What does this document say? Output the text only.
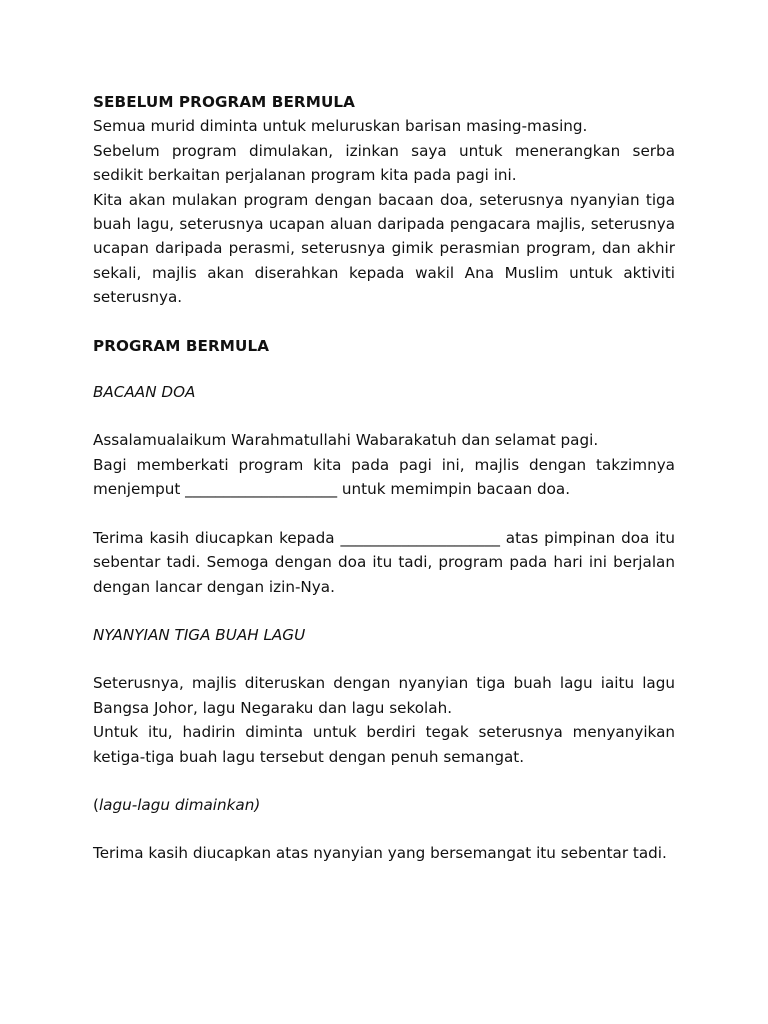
SEBELUM PROGRAM BERMULA

Semua murid diminta untuk meluruskan barisan masing-masing.

Sebelum program dimulakan, izinkan saya untuk menerangkan serba sedikit berkaitan perjalanan program kita pada pagi ini.

Kita akan mulakan program dengan bacaan doa, seterusnya nyanyian tiga buah lagu, seterusnya ucapan aluan daripada pengacara majlis, seterusnya ucapan daripada perasmi, seterusnya gimik perasmian program, dan akhir sekali, majlis akan diserahkan kepada wakil Ana Muslim untuk aktiviti seterusnya.

PROGRAM BERMULA

BACAAN DOA

Assalamualaikum Warahmatullahi Wabarakatuh dan selamat pagi.

Bagi memberkati program kita pada pagi ini, majlis dengan takzimnya menjemput ____________________ untuk memimpin bacaan doa.

Terima kasih diucapkan kepada _____________________ atas pimpinan doa itu sebentar tadi. Semoga dengan doa itu tadi, program pada hari ini berjalan dengan lancar dengan izin-Nya.

NYANYIAN TIGA BUAH LAGU

Seterusnya, majlis diteruskan dengan nyanyian tiga buah lagu iaitu lagu Bangsa Johor, lagu Negaraku dan lagu sekolah.

Untuk itu, hadirin diminta untuk berdiri tegak seterusnya menyanyikan ketiga-tiga buah lagu tersebut dengan penuh semangat.

(lagu-lagu dimainkan)

Terima kasih diucapkan atas nyanyian yang bersemangat itu sebentar tadi.
